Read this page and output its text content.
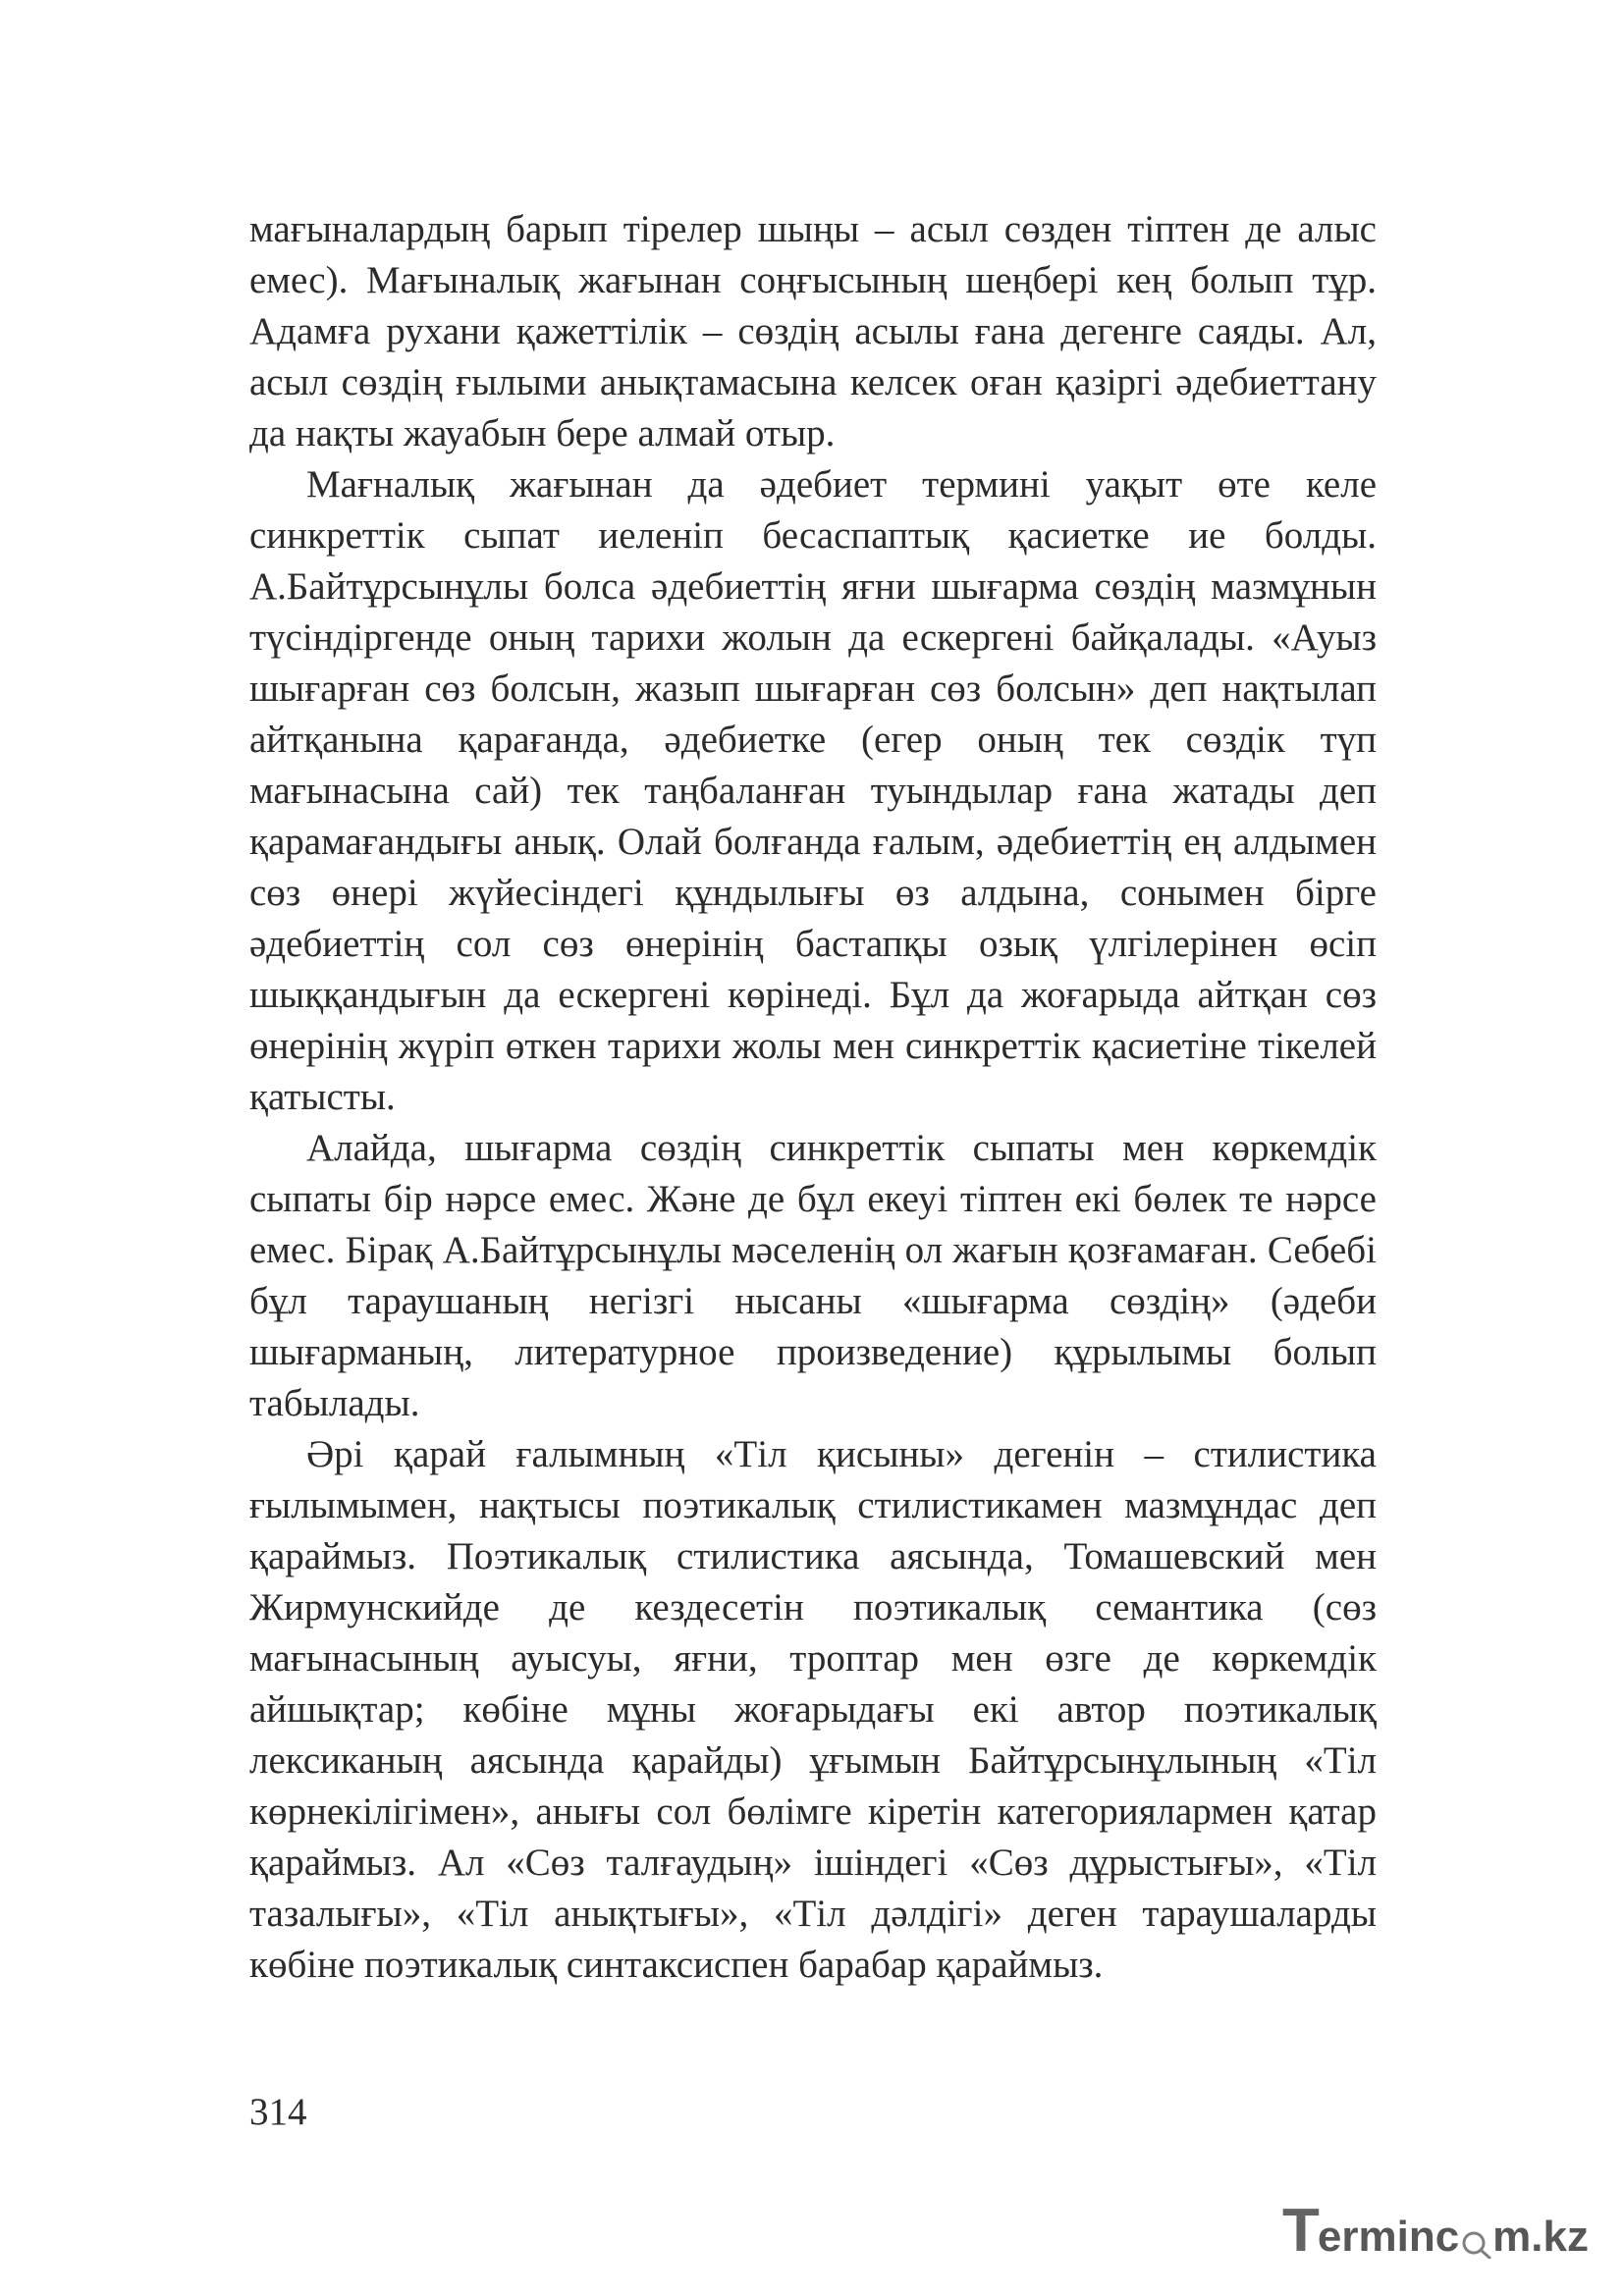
мағыналардың барып тірелер шыңы – асыл сөзден тіптен де алыс емес). Мағыналық жағынан соңғысының шеңбері кең болып тұр. Адамға рухани қажеттілік – сөздің асылы ғана дегенге саяды. Ал, асыл сөздің ғылыми анықтамасына келсек оған қазіргі әдебиеттану да нақты жауабын бере алмай отыр.

Мағналық жағынан да әдебиет термині уақыт өте келе синкреттік сыпат иеленіп бесаспаптық қасиетке ие болды. А.Байтұрсынұлы болса әдебиеттің яғни шығарма сөздің мазмұнын түсіндіргенде оның тарихи жолын да ескергені байқалады. «Ауыз шығарған сөз болсын, жазып шығарған сөз болсын» деп нақтылап айтқанына қарағанда, әдебиетке (егер оның тек сөздік түп мағынасына сай) тек таңбаланған туындылар ғана жатады деп қарамағандығы анық. Олай болғанда ғалым, әдебиеттің ең алдымен сөз өнері жүйесіндегі құндылығы өз алдына, сонымен бірге әдебиеттің сол сөз өнерінің бастапқы озық үлгілерінен өсіп шыққандығын да ескергені көрінеді. Бұл да жоғарыда айтқан сөз өнерінің жүріп өткен тарихи жолы мен синкреттік қасиетіне тікелей қатысты.

Алайда, шығарма сөздің синкреттік сыпаты мен көркемдік сыпаты бір нәрсе емес. Және де бұл екеуі тіптен екі бөлек те нәрсе емес. Бірақ А.Байтұрсынұлы мәселенің ол жағын қозғамаған. Себебі бұл тараушаның негізгі нысаны «шығарма сөздің» (әдеби шығарманың, литературное произведение) құрылымы болып табылады.

Әрі қарай ғалымның «Тіл қисыны» дегенін – стилистика ғылымымен, нақтысы поэтикалық стилистикамен мазмұндас деп қараймыз. Поэтикалық стилистика аясында, Томашевский мен Жирмунскийде де кездесетін поэтикалық семантика (сөз мағынасының ауысуы, яғни, троптар мен өзге де көркемдік айшықтар; көбіне мұны жоғарыдағы екі автор поэтикалық лексиканың аясында қарайды) ұғымын Байтұрсынұлының «Тіл көрнекілігімен», анығы сол бөлімге кіретін категориялармен қатар қараймыз. Ал «Сөз талғаудың» ішіндегі «Сөз дұрыстығы», «Тіл тазалығы», «Тіл анықтығы», «Тіл дәлдігі» деген тараушаларды көбіне поэтикалық синтаксиспен барабар қараймыз.

314
T erminc m.kz
